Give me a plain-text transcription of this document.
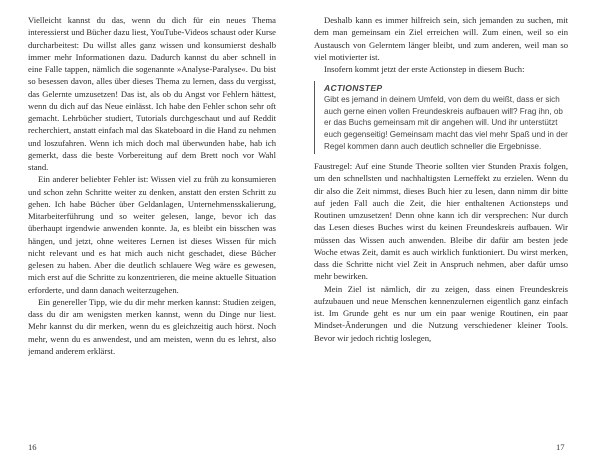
Vielleicht kannst du das, wenn du dich für ein neues Thema interessierst und Bücher dazu liest, YouTube-Videos schaust oder Kurse durcharbeitest: Du willst alles ganz wissen und konsumierst deshalb immer mehr Informationen dazu. Dadurch kannst du aber schnell in eine Falle tappen, nämlich die sogenannte »Analyse-Paralyse«. Du bist so besessen davon, alles über dieses Thema zu lernen, dass du vergisst, das Gelernte umzusetzen! Das ist, als ob du Angst vor Fehlern hättest, wenn du dich auf das Neue einlässt. Ich habe den Fehler schon sehr oft gemacht. Lehrbücher studiert, Tutorials durchgeschaut und auf Reddit recherchiert, anstatt einfach mal das Skateboard in die Hand zu nehmen und loszufahren. Wenn ich mich doch mal überwunden habe, hab ich gemerkt, dass die beste Vorbereitung auf dem Brett noch vor Wahl stand.

Ein anderer beliebter Fehler ist: Wissen viel zu früh zu konsumieren und schon zehn Schritte weiter zu denken, anstatt den ersten Schritt zu gehen. Ich habe Bücher über Geldanlagen, Unternehmensskalierung, Mitarbeiterführung und so weiter gelesen, lange, bevor ich das überhaupt irgendwie anwenden konnte. Ja, es bleibt ein bisschen was hängen, und jetzt, ohne weiteres Lernen ist dieses Wissen für mich nicht relevant und es hat mich auch nicht geschadet, diese Bücher gelesen zu haben. Aber die deutlich schlauere Weg wäre es gewesen, mich erst auf die Schritte zu konzentrieren, die meine aktuelle Situation erforderte, und dann danach weiterzugehen.

Ein genereller Tipp, wie du dir mehr merken kannst: Studien zeigen, dass du dir am wenigsten merken kannst, wenn du Dinge nur liest. Mehr kannst du dir merken, wenn du es gleichzeitig auch hörst. Noch mehr, wenn du es anwendest, und am meisten, wenn du es lehrst, also jemand anderem erklärst.

16

Deshalb kann es immer hilfreich sein, sich jemanden zu suchen, mit dem man gemeinsam ein Ziel erreichen will. Zum einen, weil so ein Austausch von Gelerntem länger bleibt, und zum anderen, weil man so viel motivierter ist.

Insofern kommt jetzt der erste Actionstep in diesem Buch:

ACTIONSTEP
Gibt es jemand in deinem Umfeld, von dem du weißt, dass er sich auch gerne einen vollen Freundeskreis aufbauen will? Frag ihn, ob er das Buchs gemeinsam mit dir angehen will. Und ihr unterstützt euch gegenseitig! Gemeinsam macht das viel mehr Spaß und in der Regel kommen dann auch deutlich schneller die Ergebnisse.

Faustregel: Auf eine Stunde Theorie sollten vier Stunden Praxis folgen, um den schnellsten und nachhaltigsten Lerneffekt zu erzielen. Wenn du dir also die Zeit nimmst, dieses Buch hier zu lesen, dann nimm dir bitte auf jeden Fall auch die Zeit, die hier enthaltenen Actionsteps und Routinen umzusetzen! Denn ohne kann ich dir versprechen: Nur durch das Lesen dieses Buches wirst du keinen Freundeskreis aufbauen. Wir müssen das Wissen auch anwenden. Bleibe dir dafür am besten jede Woche etwas Zeit, damit es auch wirklich funktioniert. Du wirst merken, dass die Schritte nicht viel Zeit in Anspruch nehmen, aber dafür umso mehr bewirken.

Mein Ziel ist nämlich, dir zu zeigen, dass einen Freundeskreis aufzubauen und neue Menschen kennenzulernen eigentlich ganz einfach ist. Im Grunde geht es nur um ein paar wenige Routinen, ein paar Mindset-Änderungen und die Nutzung verschiedener kleiner Tools. Bevor wir jedoch richtig loslegen,

17
